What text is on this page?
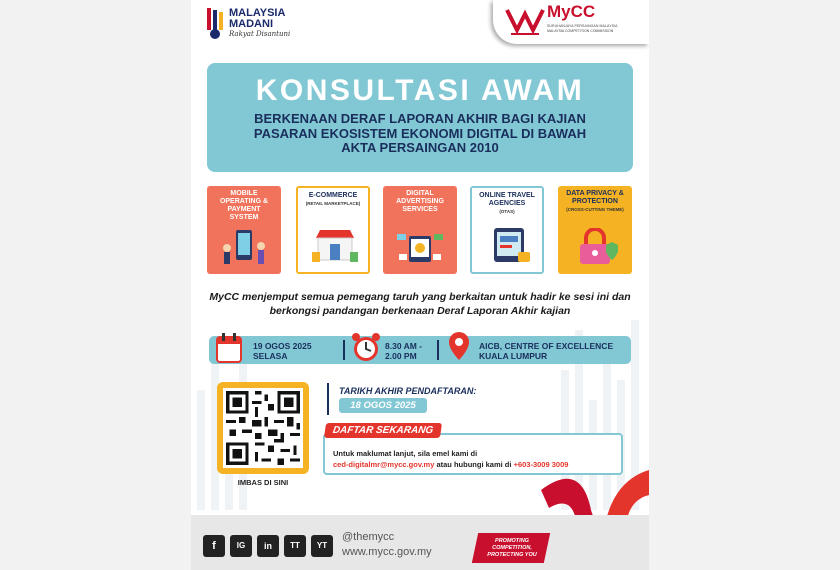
MALAYSIA
MADANI
Rakyat Disantuni
MyCC
SURUHANJAYA PERSAINGAN MALAYSIA
MALAYSIA COMPETITION COMMISSION
KONSULTASI AWAM
BERKENAAN DERAF LAPORAN AKHIR BAGI KAJIAN
PASARAN EKOSISTEM EKONOMI DIGITAL DI BAWAH
AKTA PERSAINGAN 2010
MOBILE
OPERATING &
PAYMENT
SYSTEM
E-COMMERCE
(RETAIL MARKETPLACE)
DIGITAL
ADVERTISING
SERVICES
ONLINE TRAVEL
AGENCIES
(OTAS)
DATA PRIVACY &
PROTECTION
(CROSS-CUTTING THEME)
MyCC menjemput semua pemegang taruh yang berkaitan untuk hadir ke sesi ini dan
berkongsi pandangan berkenaan Deraf Laporan Akhir kajian
19 OGOS 2025
SELASA
8.30 AM -
2.00 PM
AICB, CENTRE OF EXCELLENCE
KUALA LUMPUR
IMBAS DI SINI
TARIKH AKHIR PENDAFTARAN:
18 OGOS 2025
Untuk maklumat lanjut, sila emel kami di
ced-digitalmr@mycc.gov.my atau hubungi kami di +603-3009 3009
DAFTAR SEKARANG
f	IG	in	TT	YT
@themycc
www.mycc.gov.my
PROMOTING
COMPETITION,
PROTECTING YOU
